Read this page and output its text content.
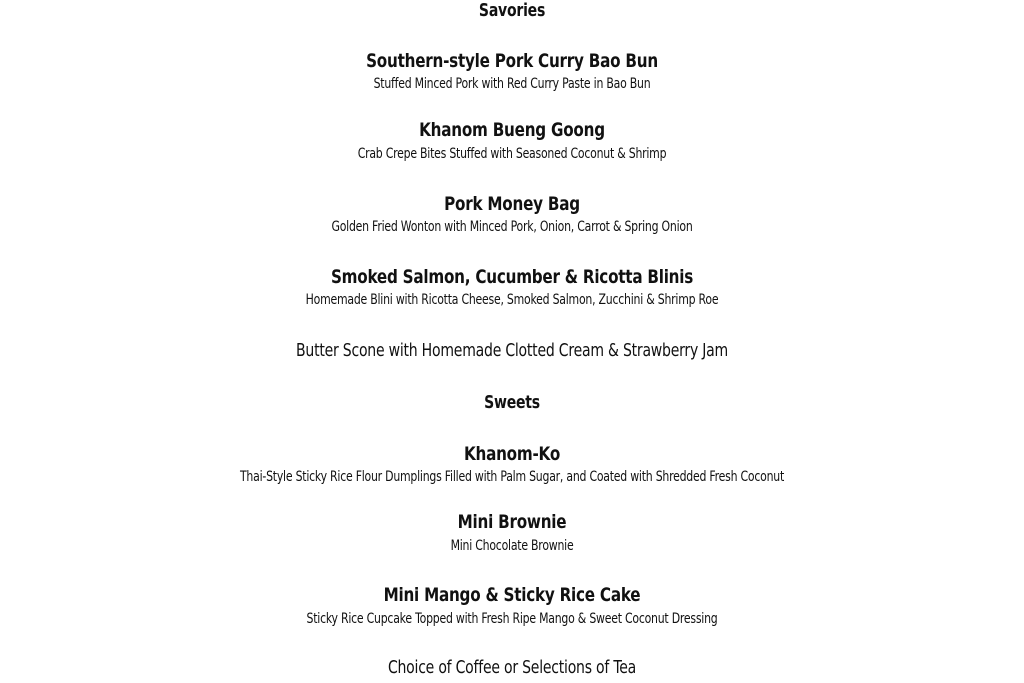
Savories
Southern-style Pork Curry Bao Bun
Stuffed Minced Pork with Red Curry Paste in Bao Bun
Khanom Bueng Goong
Crab Crepe Bites Stuffed with Seasoned Coconut & Shrimp
Pork Money Bag
Golden Fried Wonton with Minced Pork, Onion, Carrot & Spring Onion
Smoked Salmon, Cucumber & Ricotta Blinis
Homemade Blini with Ricotta Cheese, Smoked Salmon, Zucchini & Shrimp Roe
Butter Scone with Homemade Clotted Cream & Strawberry Jam
Sweets
Khanom-Ko
Thai-Style Sticky Rice Flour Dumplings Filled with Palm Sugar, and Coated with Shredded Fresh Coconut
Mini Brownie
Mini Chocolate Brownie
Mini Mango & Sticky Rice Cake
Sticky Rice Cupcake Topped with Fresh Ripe Mango & Sweet Coconut Dressing
Choice of Coffee or Selections of Tea
